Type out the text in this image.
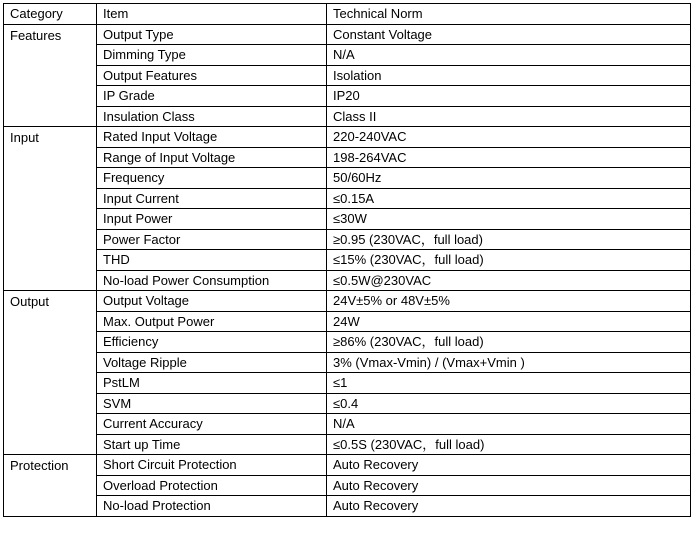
Category	Item	Technical Norm
Features	Output Type	Constant Voltage
	Dimming Type	N/A
	Output Features	Isolation
	IP Grade	IP20
	Insulation Class	Class II
Input	Rated Input Voltage	220-240VAC
	Range of Input Voltage	198-264VAC
	Frequency	50/60Hz
	Input Current	≤0.15A
	Input Power	≤30W
	Power Factor	≥0.95 (230VAC，full load)
	THD	≤15% (230VAC，full load)
	No-load Power Consumption	≤0.5W@230VAC
Output	Output Voltage	24V±5% or 48V±5%
	Max. Output Power	24W
	Efficiency	≥86% (230VAC，full load)
	Voltage Ripple	3% (Vmax-Vmin) / (Vmax+Vmin )
	PstLM	≤1
	SVM	≤0.4
	Current Accuracy	N/A
	Start up Time	≤0.5S (230VAC，full load)
Protection	Short Circuit Protection	Auto Recovery
	Overload Protection	Auto Recovery
	No-load Protection	Auto Recovery
